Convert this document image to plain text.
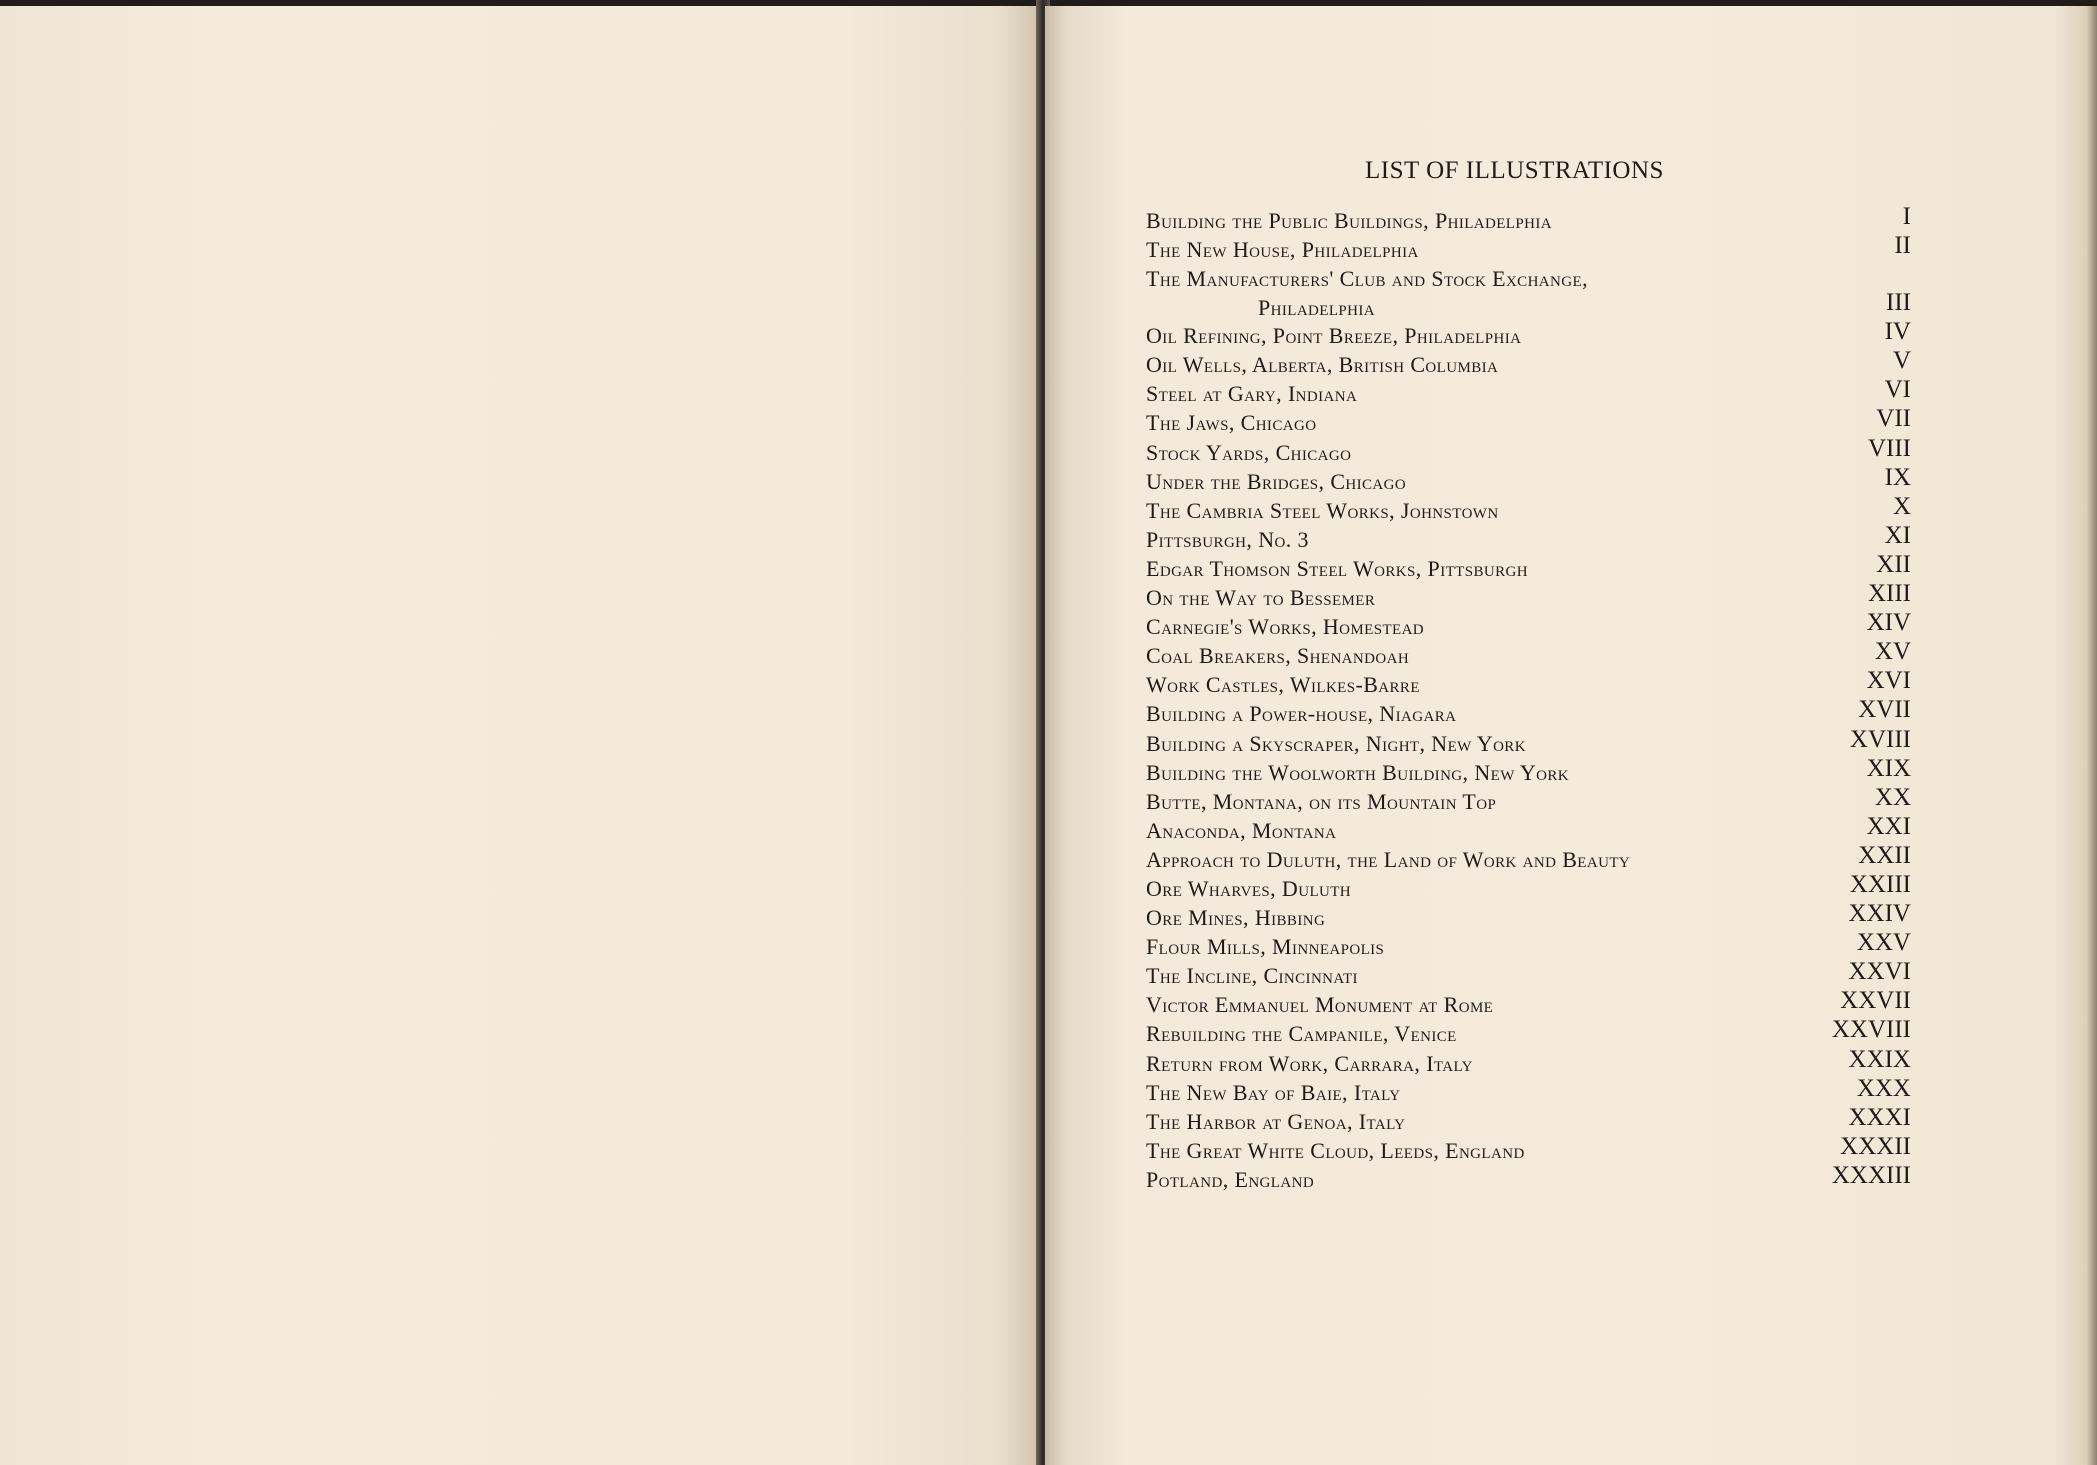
LIST OF ILLUSTRATIONS
Building the Public Buildings, Philadelphia	I
The New House, Philadelphia	II
The Manufacturers' Club and Stock Exchange,
Philadelphia	III
Oil Refining, Point Breeze, Philadelphia	IV
Oil Wells, Alberta, British Columbia	V
Steel at Gary, Indiana	VI
The Jaws, Chicago	VII
Stock Yards, Chicago	VIII
Under the Bridges, Chicago	IX
The Cambria Steel Works, Johnstown	X
Pittsburgh, No. 3	XI
Edgar Thomson Steel Works, Pittsburgh	XII
On the Way to Bessemer	XIII
Carnegie's Works, Homestead	XIV
Coal Breakers, Shenandoah	XV
Work Castles, Wilkes-Barre	XVI
Building a Power-house, Niagara	XVII
Building a Skyscraper, Night, New York	XVIII
Building the Woolworth Building, New York	XIX
Butte, Montana, on its Mountain Top	XX
Anaconda, Montana	XXI
Approach to Duluth, the Land of Work and Beauty	XXII
Ore Wharves, Duluth	XXIII
Ore Mines, Hibbing	XXIV
Flour Mills, Minneapolis	XXV
The Incline, Cincinnati	XXVI
Victor Emmanuel Monument at Rome	XXVII
Rebuilding the Campanile, Venice	XXVIII
Return from Work, Carrara, Italy	XXIX
The New Bay of Baie, Italy	XXX
The Harbor at Genoa, Italy	XXXI
The Great White Cloud, Leeds, England	XXXII
Potland, England	XXXIII
